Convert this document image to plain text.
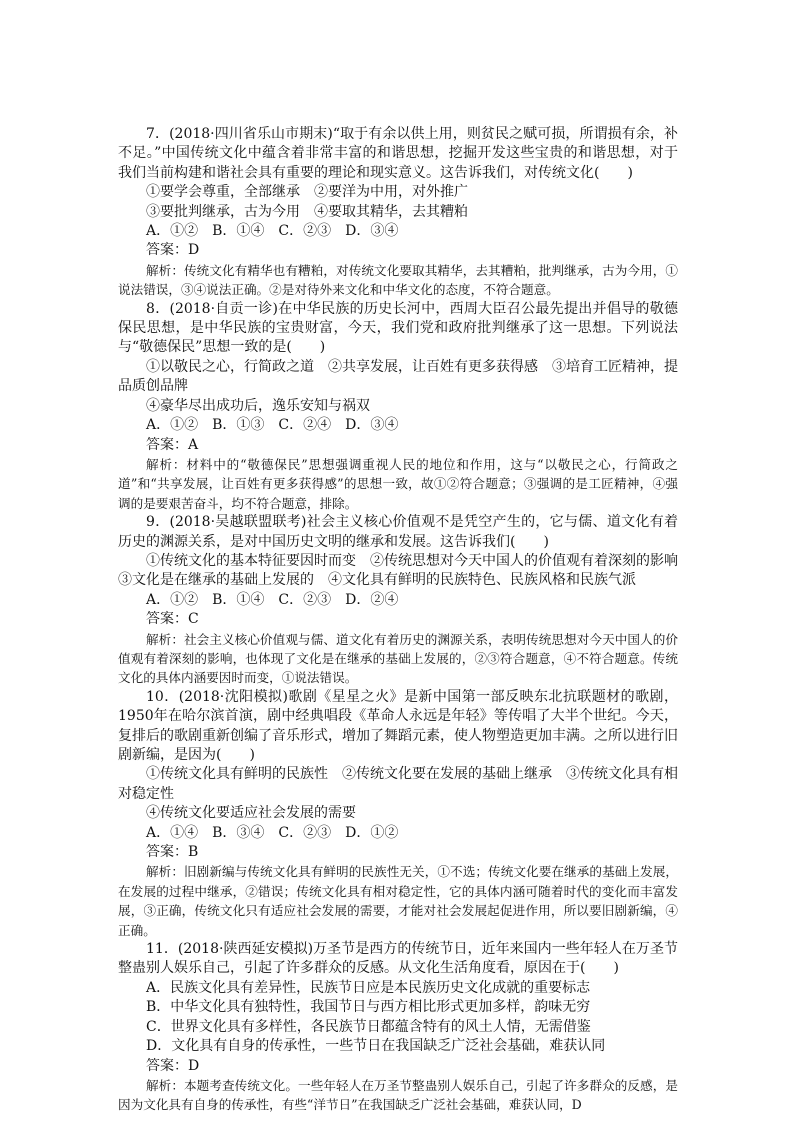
7．(2018·四川省乐山市期末)“取于有余以供上用，则贫民之赋可损，所谓损有余，补不足。”中国传统文化中蕴含着非常丰富的和谐思想，挖掘开发这些宝贵的和谐思想，对于我们当前构建和谐社会具有重要的理论和现实意义。这告诉我们，对传统文化(　　)

①要学会尊重，全部继承　②要洋为中用，对外推广

③要批判继承，古为今用　④要取其精华，去其糟粕

A．①②　B．①④　C．②③　D．③④

答案：D

解析：传统文化有精华也有糟粕，对传统文化要取其精华，去其糟粕，批判继承，古为今用，①说法错误，③④说法正确。②是对待外来文化和中华文化的态度，不符合题意。

8．(2018·自贡一诊)在中华民族的历史长河中，西周大臣召公最先提出并倡导的敬德保民思想，是中华民族的宝贵财富，今天，我们党和政府批判继承了这一思想。下列说法与“敬德保民”思想一致的是(　　)

①以敬民之心，行简政之道　②共享发展，让百姓有更多获得感　③培育工匠精神，提品质创品牌

④豪华尽出成功后，逸乐安知与祸双

A．①②　B．①③　C．②④　D．③④

答案：A

解析：材料中的“敬德保民”思想强调重视人民的地位和作用，这与“以敬民之心，行简政之道”和“共享发展，让百姓有更多获得感”的思想一致，故①②符合题意；③强调的是工匠精神，④强调的是要艰苦奋斗，均不符合题意，排除。

9．(2018·吴越联盟联考)社会主义核心价值观不是凭空产生的，它与儒、道文化有着历史的渊源关系，是对中国历史文明的继承和发展。这告诉我们(　　)

①传统文化的基本特征要因时而变　②传统思想对今天中国人的价值观有着深刻的影响　③文化是在继承的基础上发展的　④文化具有鲜明的民族特色、民族风格和民族气派

A．①②　B．①④　C．②③　D．②④

答案：C

解析：社会主义核心价值观与儒、道文化有着历史的渊源关系，表明传统思想对今天中国人的价值观有着深刻的影响，也体现了文化是在继承的基础上发展的，②③符合题意，④不符合题意。传统文化的具体内涵要因时而变，①说法错误。

10．(2018·沈阳模拟)歌剧《星星之火》是新中国第一部反映东北抗联题材的歌剧，1950年在哈尔滨首演，剧中经典唱段《革命人永远是年轻》等传唱了大半个世纪。今天，复排后的歌剧重新创编了音乐形式，增加了舞蹈元素，使人物塑造更加丰满。之所以进行旧剧新编，是因为(　　)

①传统文化具有鲜明的民族性　②传统文化要在发展的基础上继承　③传统文化具有相对稳定性

④传统文化要适应社会发展的需要

A．①④　B．③④　C．②③　D．①②

答案：B

解析：旧剧新编与传统文化具有鲜明的民族性无关，①不选；传统文化要在继承的基础上发展，在发展的过程中继承，②错误；传统文化具有相对稳定性，它的具体内涵可随着时代的变化而丰富发展，③正确，传统文化只有适应社会发展的需要，才能对社会发展起促进作用，所以要旧剧新编，④正确。

11．(2018·陕西延安模拟)万圣节是西方的传统节日，近年来国内一些年轻人在万圣节整蛊别人娱乐自己，引起了许多群众的反感。从文化生活角度看，原因在于(　　)

A．民族文化具有差异性，民族节日应是本民族历史文化成就的重要标志

B．中华文化具有独特性，我国节日与西方相比形式更加多样，韵味无穷

C．世界文化具有多样性，各民族节日都蕴含特有的风土人情，无需借鉴

D．文化具有自身的传承性，一些节日在我国缺乏广泛社会基础，难获认同

答案：D

解析：本题考查传统文化。一些年轻人在万圣节整蛊别人娱乐自己，引起了许多群众的反感，是因为文化具有自身的传承性，有些“洋节日”在我国缺乏广泛社会基础，难获认同，D
